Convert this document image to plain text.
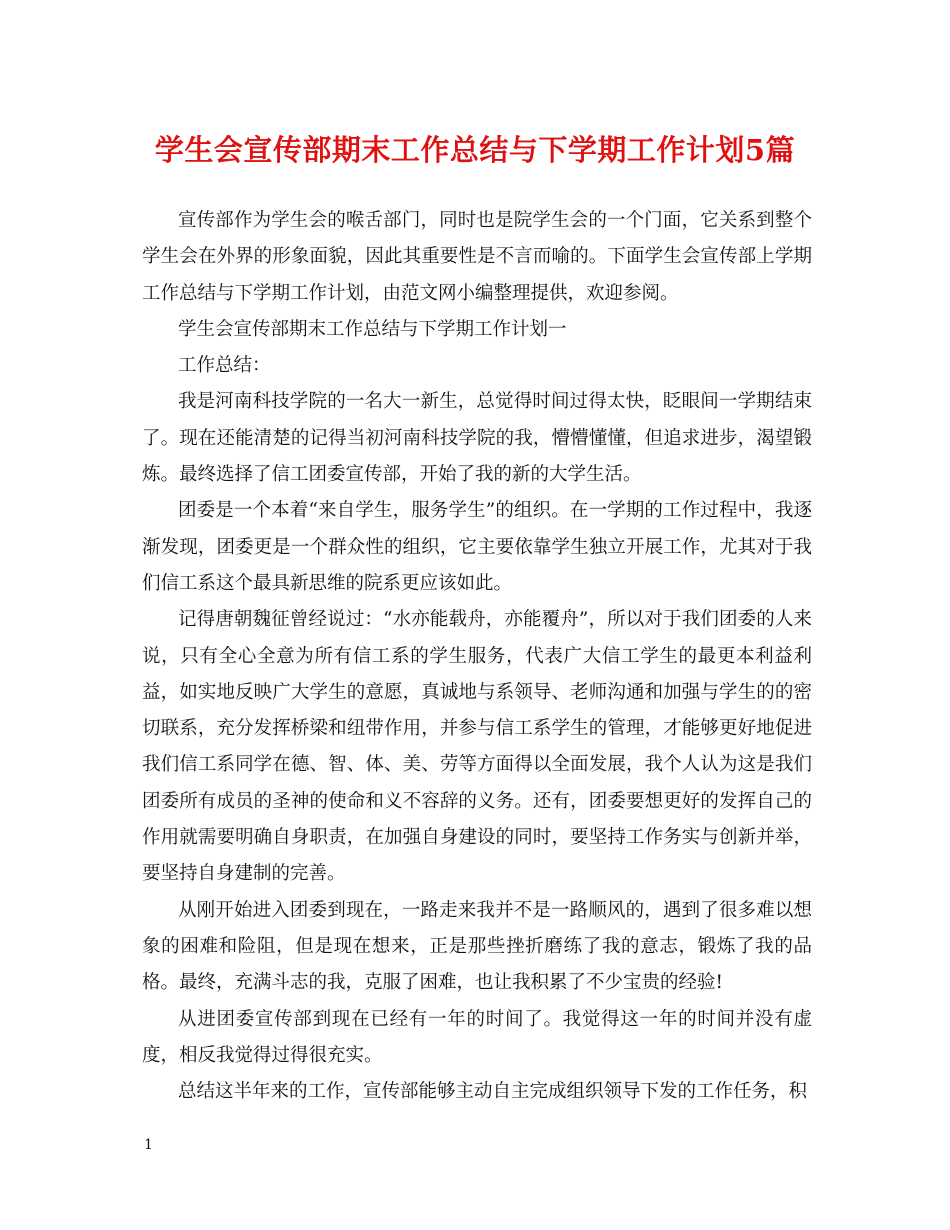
学生会宣传部期末工作总结与下学期工作计划5篇

宣传部作为学生会的喉舌部门，同时也是院学生会的一个门面，它关系到整个学生会在外界的形象面貌，因此其重要性是不言而喻的。下面学生会宣传部上学期工作总结与下学期工作计划，由范文网小编整理提供，欢迎参阅。

学生会宣传部期末工作总结与下学期工作计划一

工作总结：

我是河南科技学院的一名大一新生，总觉得时间过得太快，眨眼间一学期结束了。现在还能清楚的记得当初河南科技学院的我，懵懵懂懂，但追求进步，渴望锻炼。最终选择了信工团委宣传部，开始了我的新的大学生活。

团委是一个本着“来自学生，服务学生”的组织。在一学期的工作过程中，我逐渐发现，团委更是一个群众性的组织，它主要依靠学生独立开展工作，尤其对于我们信工系这个最具新思维的院系更应该如此。

记得唐朝魏征曾经说过：“水亦能载舟，亦能覆舟”，所以对于我们团委的人来说，只有全心全意为所有信工系的学生服务，代表广大信工学生的最更本利益利益，如实地反映广大学生的意愿，真诚地与系领导、老师沟通和加强与学生的的密切联系，充分发挥桥梁和纽带作用，并参与信工系学生的管理，才能够更好地促进我们信工系同学在德、智、体、美、劳等方面得以全面发展，我个人认为这是我们团委所有成员的圣神的使命和义不容辞的义务。还有，团委要想更好的发挥自己的作用就需要明确自身职责，在加强自身建设的同时，要坚持工作务实与创新并举，要坚持自身建制的完善。

从刚开始进入团委到现在，一路走来我并不是一路顺风的，遇到了很多难以想象的困难和险阻，但是现在想来，正是那些挫折磨练了我的意志，锻炼了我的品格。最终，充满斗志的我，克服了困难，也让我积累了不少宝贵的经验!

从进团委宣传部到现在已经有一年的时间了。我觉得这一年的时间并没有虚度，相反我觉得过得很充实。

总结这半年来的工作，宣传部能够主动自主完成组织领导下发的工作任务，积

1
